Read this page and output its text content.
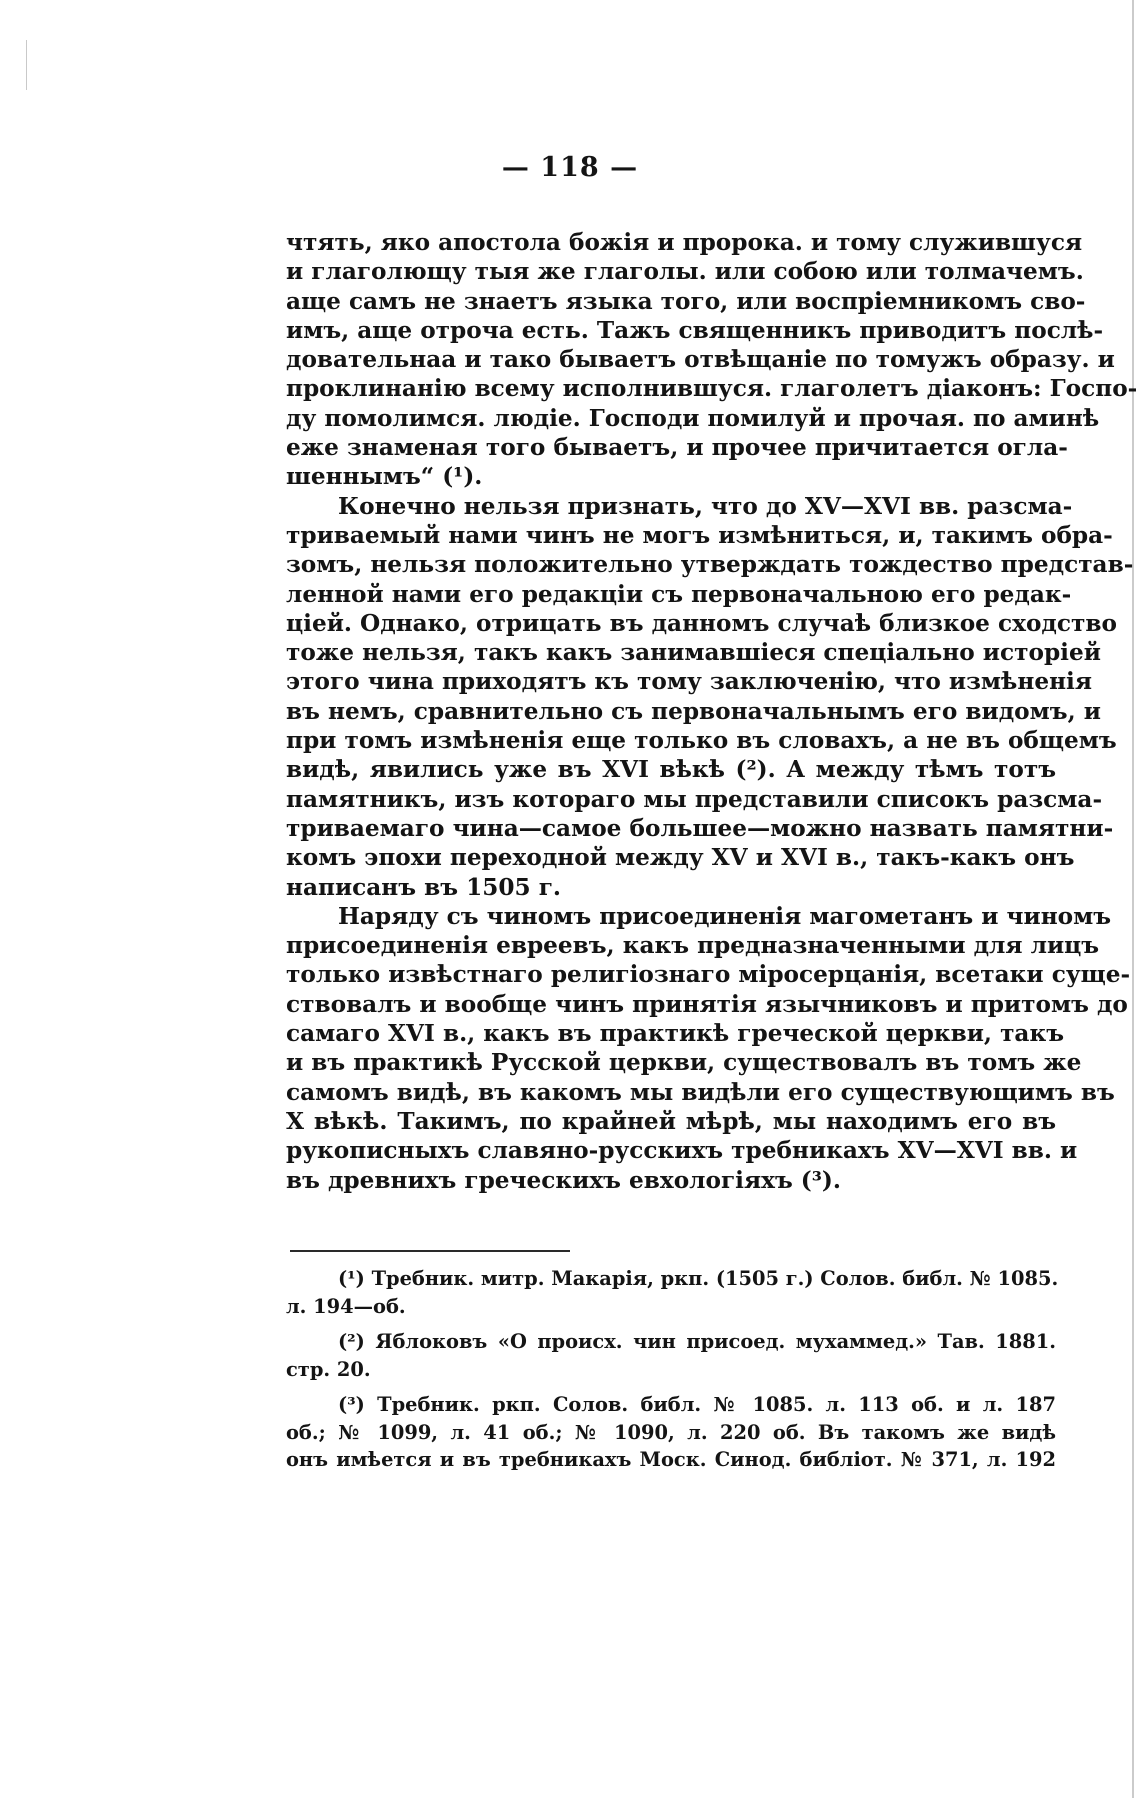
— 118 —
чтять, яко апостола божія и пророка. и тому служившуся
и глаголющу тыя же глаголы. или собою или толмачемъ.
аще самъ не знаетъ языка того, или воспріемникомъ сво-
имъ, аще отроча есть. Тажъ священникъ приводитъ послѣ-
довательнаа и тако бываетъ отвѣщаніе по томужъ образу. и
проклинанію всему исполнившуся. глаголетъ діаконъ: Госпо-
ду помолимся. людіе. Господи помилуй и прочая. по аминѣ
еже знаменая того бываетъ, и прочее причитается огла-
шеннымъ“ (¹).
Конечно нельзя признать, что до XV—XVI вв. разсма-
триваемый нами чинъ не могъ измѣниться, и, такимъ обра-
зомъ, нельзя положительно утверждать тождество представ-
ленной нами его редакціи съ первоначальною его редак-
ціей. Однако, отрицать въ данномъ случаѣ близкое сходство
тоже нельзя, такъ какъ занимавшіеся спеціально исторіей
этого чина приходятъ къ тому заключенію, что измѣненія
въ немъ, сравнительно съ первоначальнымъ его видомъ, и
при томъ измѣненія еще только въ словахъ, а не въ общемъ
видѣ, явились уже въ XVI вѣкѣ (²). А между тѣмъ тотъ
памятникъ, изъ котораго мы представили списокъ разсма-
триваемаго чина—самое большее—можно назвать памятни-
комъ эпохи переходной между XV и XVI в., такъ-какъ онъ
написанъ въ 1505 г.
Наряду съ чиномъ присоединенія магометанъ и чиномъ
присоединенія евреевъ, какъ предназначенными для лицъ
только извѣстнаго религіознаго міросерцанія, всетаки суще-
ствовалъ и вообще чинъ принятія язычниковъ и притомъ до
самаго XVI в., какъ въ практикѣ греческой церкви, такъ
и въ практикѣ Русской церкви, существовалъ въ томъ же
самомъ видѣ, въ какомъ мы видѣли его существующимъ въ
X вѣкѣ. Такимъ, по крайней мѣрѣ, мы находимъ его въ
рукописныхъ славяно-русскихъ требникахъ XV—XVI вв. и
въ древнихъ греческихъ евхологіяхъ (³).
(¹) Требник. митр. Макарія, ркп. (1505 г.) Солов. библ. № 1085.
л. 194—об.
(²) Яблоковъ «О происх. чин присоед. мухаммед.» Тав. 1881.
стр. 20.
(³) Требник. ркп. Солов. библ. № 1085. л. 113 об. и л. 187
об.; № 1099, л. 41 об.; № 1090, л. 220 об. Въ такомъ же видѣ
онъ имѣется и въ требникахъ Моск. Синод. библіот. № 371, л. 192
